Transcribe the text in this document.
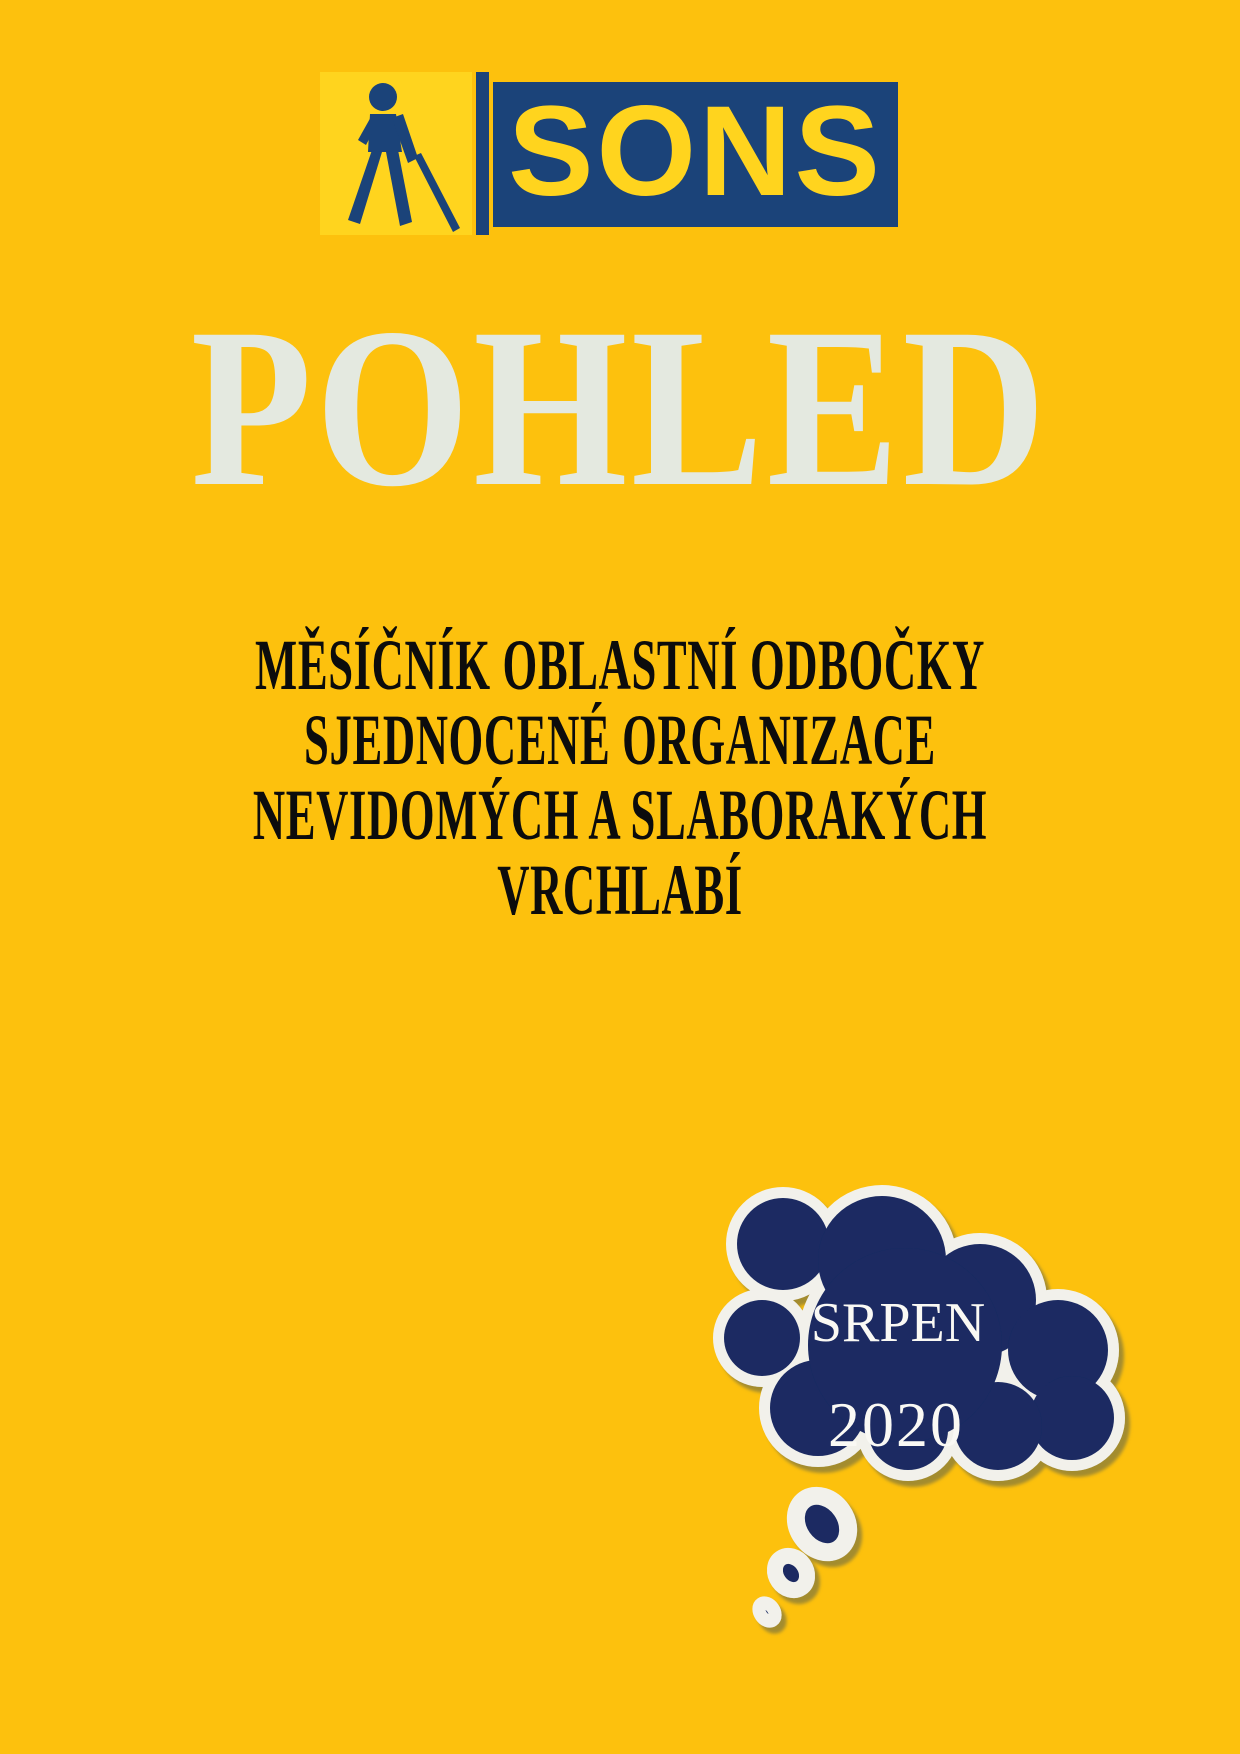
SONS
POHLED
MĚSÍČNÍK OBLASTNÍ ODBOČKY
SJEDNOCENÉ ORGANIZACE
NEVIDOMÝCH A SLABORAKÝCH
VRCHLABÍ
SRPEN
2020
